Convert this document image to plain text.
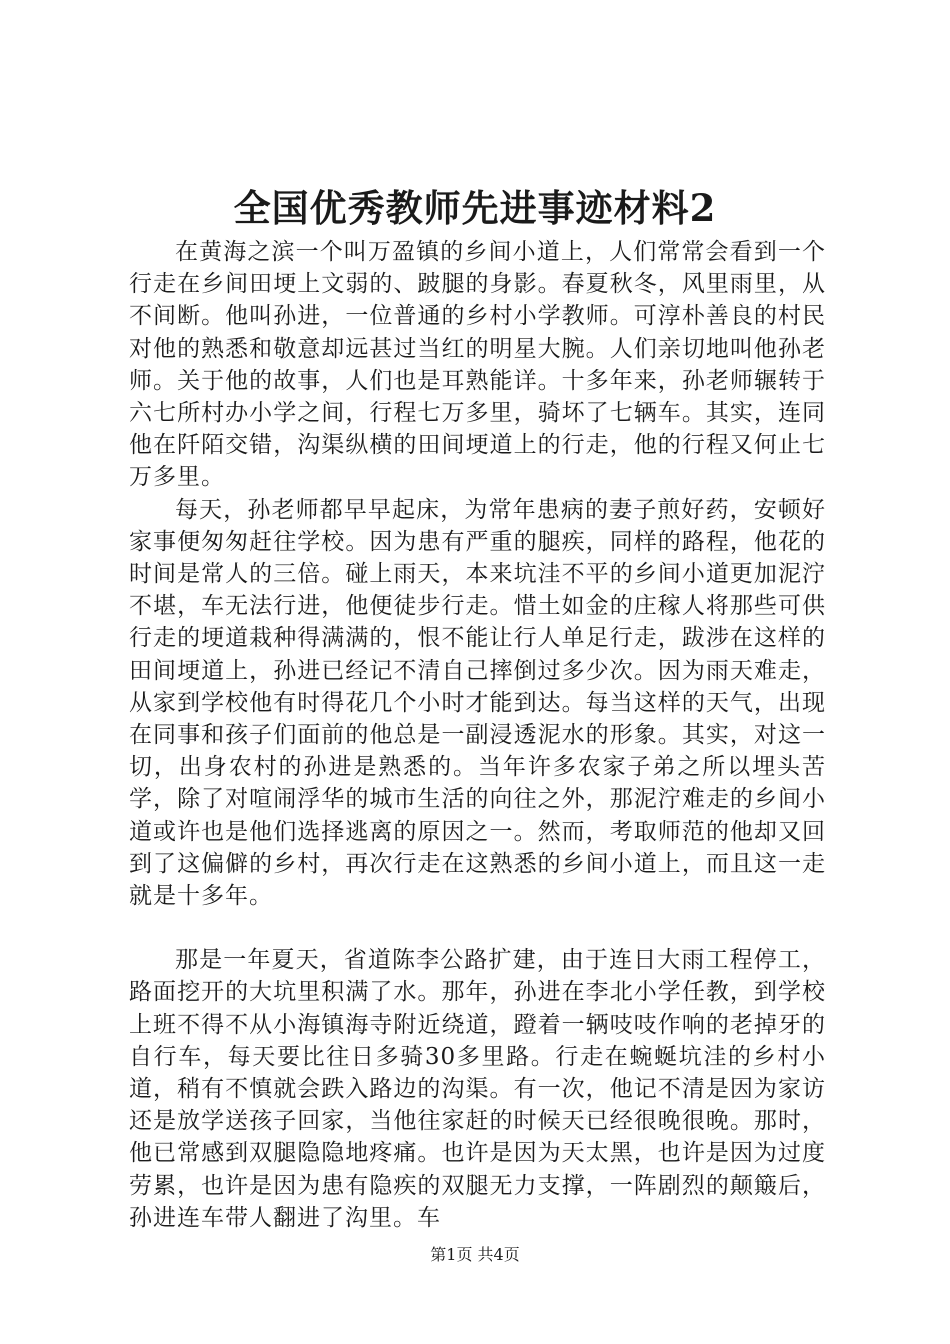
全国优秀教师先进事迹材料2

在黄海之滨一个叫万盈镇的乡间小道上，人们常常会看到一个行走在乡间田埂上文弱的、跛腿的身影。春夏秋冬，风里雨里，从不间断。他叫孙进，一位普通的乡村小学教师。可淳朴善良的村民对他的熟悉和敬意却远甚过当红的明星大腕。人们亲切地叫他孙老师。关于他的故事，人们也是耳熟能详。十多年来，孙老师辗转于六七所村办小学之间，行程七万多里，骑坏了七辆车。其实，连同他在阡陌交错，沟渠纵横的田间埂道上的行走，他的行程又何止七万多里。

每天，孙老师都早早起床，为常年患病的妻子煎好药，安顿好家事便匆匆赶往学校。因为患有严重的腿疾，同样的路程，他花的时间是常人的三倍。碰上雨天，本来坑洼不平的乡间小道更加泥泞不堪，车无法行进，他便徒步行走。惜土如金的庄稼人将那些可供行走的埂道栽种得满满的，恨不能让行人单足行走，跋涉在这样的田间埂道上，孙进已经记不清自己摔倒过多少次。因为雨天难走，从家到学校他有时得花几个小时才能到达。每当这样的天气，出现在同事和孩子们面前的他总是一副浸透泥水的形象。其实，对这一切，出身农村的孙进是熟悉的。当年许多农家子弟之所以埋头苦学，除了对喧闹浮华的城市生活的向往之外，那泥泞难走的乡间小道或许也是他们选择逃离的原因之一。然而，考取师范的他却又回到了这偏僻的乡村，再次行走在这熟悉的乡间小道上，而且这一走就是十多年。

那是一年夏天，省道陈李公路扩建，由于连日大雨工程停工，路面挖开的大坑里积满了水。那年，孙进在李北小学任教，到学校上班不得不从小海镇海寺附近绕道，蹬着一辆吱吱作响的老掉牙的自行车，每天要比往日多骑30多里路。行走在蜿蜒坑洼的乡村小道，稍有不慎就会跌入路边的沟渠。有一次，他记不清是因为家访还是放学送孩子回家，当他往家赶的时候天已经很晚很晚。那时，他已常感到双腿隐隐地疼痛。也许是因为天太黑，也许是因为过度劳累，也许是因为患有隐疾的双腿无力支撑，一阵剧烈的颠簸后，孙进连车带人翻进了沟里。车

第1页 共4页
